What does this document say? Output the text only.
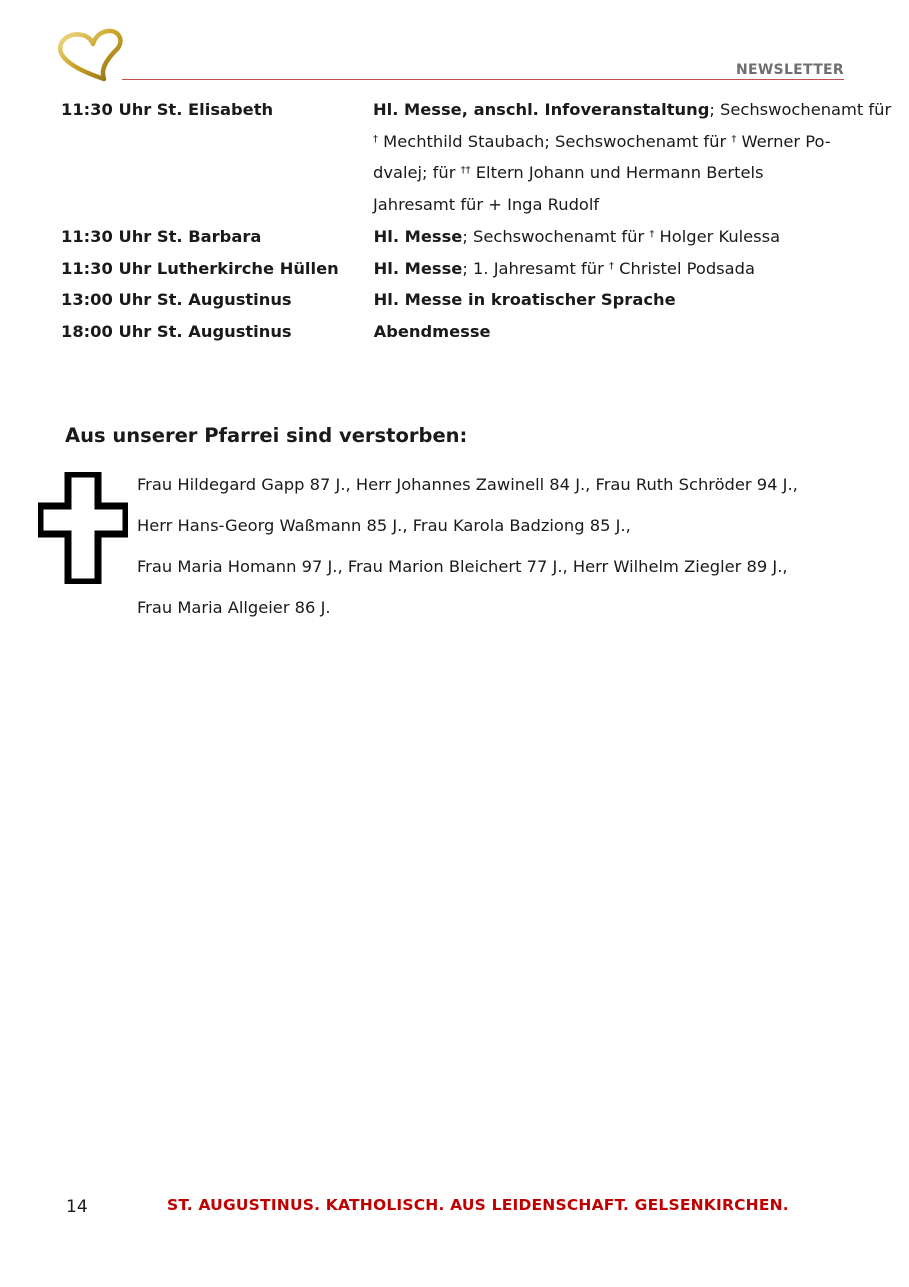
NEWSLETTER
11:30 Uhr St. Elisabeth	Hl. Messe, anschl. Infoveranstaltung; Sechswochenamt für
† Mechthild Staubach; Sechswochenamt für † Werner Po-
dvalej; für †† Eltern Johann und Hermann Bertels
Jahresamt für + Inga Rudolf
11:30 Uhr St. Barbara	Hl. Messe; Sechswochenamt für † Holger Kulessa
11:30 Uhr Lutherkirche Hüllen	Hl. Messe; 1. Jahresamt für † Christel Podsada
13:00 Uhr St. Augustinus	Hl. Messe in kroatischer Sprache
18:00 Uhr St. Augustinus	Abendmesse
Aus unserer Pfarrei sind verstorben:
Frau Hildegard Gapp 87 J., Herr Johannes Zawinell 84 J., Frau Ruth Schröder 94 J.,
Herr Hans-Georg Waßmann 85 J., Frau Karola Badziong 85 J.,
Frau Maria Homann 97 J., Frau Marion Bleichert 77 J., Herr Wilhelm Ziegler 89 J.,
Frau Maria Allgeier 86 J.
14	ST. AUGUSTINUS. KATHOLISCH. AUS LEIDENSCHAFT. GELSENKIRCHEN.
